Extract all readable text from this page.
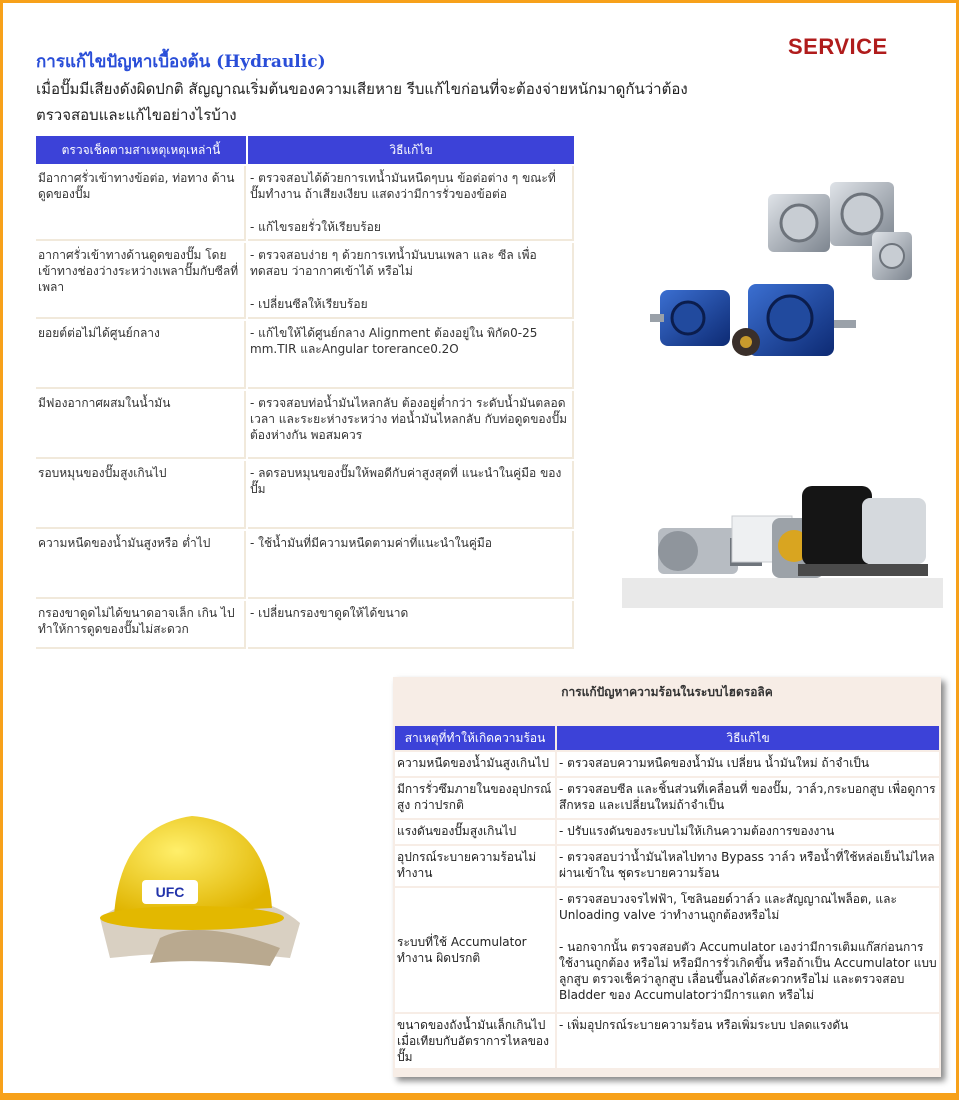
การแก้ไขปัญหาเบื้องต้น (Hydraulic)
SERVICE
เมื่อปั๊มมีเสียงดังผิดปกติ สัญญาณเริ่มต้นของความเสียหาย รีบแก้ไขก่อนที่จะต้องจ่ายหนักมาดูกันว่าต้องตรวจสอบและแก้ไขอย่างไรบ้าง
ตรวจเช็คตามสาเหตุเหตุเหล่านี้	วิธีแก้ไข
มีอากาศรั่วเข้าทางข้อต่อ, ท่อทาง ด้านดูดของปั๊ม	- ตรวจสอบได้ด้วยการเทน้ำมันหนืดๆบน ข้อต่อต่าง ๆ ขณะที่ปั๊มทำงาน ถ้าเสียงเงียบ แสดงว่ามีการรั่วของข้อต่อ

- แก้ไขรอยรั่วให้เรียบร้อย

อากาศรั่วเข้าทางด้านดูดของปั๊ม โดยเข้าทางช่องว่างระหว่างเพลาปั๊มกับซีลที่เพลา	- ตรวจสอบง่าย ๆ ด้วยการเทน้ำมันบนเพลา และ ซีล เพื่อทดสอบ ว่าอากาศเข้าได้ หรือไม่

- เปลี่ยนซีลให้เรียบร้อย

ยอยต์ต่อไม่ได้ศูนย์กลาง	- แก้ไขให้ได้ศูนย์กลาง Alignment ต้องอยู่ใน พิกัด0-25 mm.TIR และAngular torerance0.2O
มีฟองอากาศผสมในน้ำมัน	- ตรวจสอบท่อน้ำมันไหลกลับ ต้องอยู่ต่ำกว่า ระดับน้ำมันตลอดเวลา และระยะห่างระหว่าง ท่อน้ำมันไหลกลับ กับท่อดูดของปั๊มต้องห่างกัน พอสมควร
รอบหมุนของปั๊มสูงเกินไป	- ลดรอบหมุนของปั๊มให้พอดีกับค่าสูงสุดที่ แนะนำในคู่มือ ของปั๊ม
ความหนืดของน้ำมันสูงหรือ ต่ำไป	- ใช้น้ำมันที่มีความหนืดตามค่าที่แนะนำในคู่มือ
กรองขาดูดไม่ได้ขนาดอาจเล็ก เกิน ไปทำให้การดูดของปั๊มไม่สะดวก	- เปลี่ยนกรองขาดูดให้ได้ขนาด
การแก้ปัญหาความร้อนในระบบไฮดรอลิค
สาเหตุที่ทำให้เกิดความร้อน	วิธีแก้ไข
ความหนืดของน้ำมันสูงเกินไป	- ตรวจสอบความหนืดของน้ำมัน เปลี่ยน น้ำมันใหม่ ถ้าจำเป็น
มีการรั่วซึมภายในของอุปกรณ์สูง กว่าปรกติ	- ตรวจสอบซีล และชิ้นส่วนที่เคลื่อนที่ ของปั๊ม, วาล์ว,กระบอกสูบ เพื่อดูการสึกหรอ และเปลี่ยนใหม่ถ้าจำเป็น
แรงดันของปั๊มสูงเกินไป	- ปรับแรงดันของระบบไม่ให้เกินความต้องการของงาน
อุปกรณ์ระบายความร้อนไม่ทำงาน	- ตรวจสอบว่าน้ำมันไหลไปทาง Bypass วาล์ว หรือน้ำที่ใช้หล่อเย็นไม่ไหลผ่านเข้าใน ชุดระบายความร้อน
ระบบที่ใช้ Accumulator ทำงาน ผิดปรกติ	- ตรวจสอบวงจรไฟฟ้า, โซลินอยด์วาล์ว และสัญญาณไพล็อต, และ Unloading valve ว่าทำงานถูกต้องหรือไม่

- นอกจากนั้น ตรวจสอบตัว Accumulator เองว่ามีการเติมแก๊สก่อนการใช้งานถูกต้อง หรือไม่ หรือมีการรั่วเกิดขึ้น หรือถ้าเป็น Accumulator แบบลูกสูบ ตรวจเช็คว่าลูกสูบ เลื่อนขึ้นลงได้สะดวกหรือไม่ และตรวจสอบ Bladder ของ Accumulatorว่ามีการแตก หรือไม่

ขนาดของถังน้ำมันเล็กเกินไปเมื่อเทียบกับอัตราการไหลของปั๊ม	- เพิ่มอุปกรณ์ระบายความร้อน หรือเพิ่มระบบ ปลดแรงดัน
UFC
